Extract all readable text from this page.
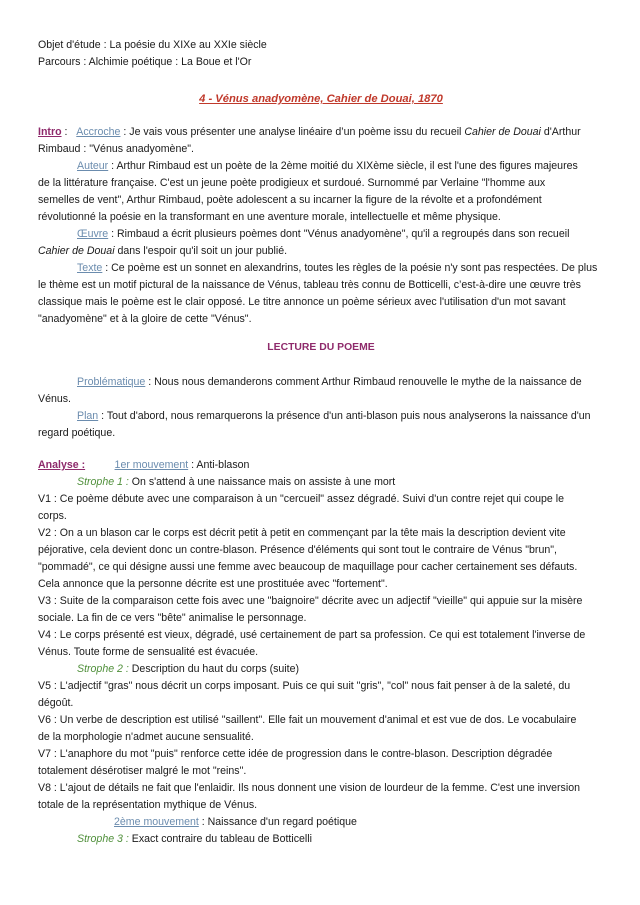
Objet d'étude : La poésie du XIXe au XXIe siècle
Parcours : Alchimie poétique : La Boue et l'Or
4 - Vénus anadyomène, Cahier de Douai, 1870
Intro : Accroche : Je vais vous présenter une analyse linéaire d’un poème issu du recueil Cahier de Douai d'Arthur
Rimbaud : "Vénus anadyomène".
Auteur : Arthur Rimbaud est un poète de la 2ème moitié du XIXème siècle, il est l'une des figures majeures
de la littérature française. C'est un jeune poète prodigieux et surdoué. Surnommé par Verlaine "l'homme aux
semelles de vent", Arthur Rimbaud, poète adolescent a su incarner la figure de la révolte et a profondément
révolutionné la poésie en la transformant en une aventure morale, intellectuelle et même physique.
Œuvre : Rimbaud a écrit plusieurs poèmes dont "Vénus anadyomène", qu'il a regroupés dans son recueil
Cahier de Douai dans l'espoir qu'il soit un jour publié.
Texte : Ce poème est un sonnet en alexandrins, toutes les règles de la poésie n'y sont pas respectées. De plus
le thème est un motif pictural de la naissance de Vénus, tableau très connu de Botticelli, c’est-à-dire une œuvre très
classique mais le poème est le clair opposé. Le titre annonce un poème sérieux avec l'utilisation d'un mot savant
"anadyomène" et à la gloire de cette "Vénus".
LECTURE DU POEME
Problématique : Nous nous demanderons comment Arthur Rimbaud renouvelle le mythe de la naissance de
Vénus.
Plan : Tout d'abord, nous remarquerons la présence d'un anti-blason puis nous analyserons la naissance d'un
regard poétique.
Analyse :	1er mouvement : Anti-blason
Strophe 1 : On s'attend à une naissance mais on assiste à une mort
V1 : Ce poème débute avec une comparaison à un "cercueil" assez dégradé. Suivi d'un contre rejet qui coupe le
corps.
V2 : On a un blason car le corps est décrit petit à petit en commençant par la tête mais la description devient vite
péjorative, cela devient donc un contre-blason. Présence d'éléments qui sont tout le contraire de Vénus "brun",
"pommadé", ce qui désigne aussi une femme avec beaucoup de maquillage pour cacher certainement ses défauts.
Cela annonce que la personne décrite est une prostituée avec "fortement".
V3 : Suite de la comparaison cette fois avec une "baignoire" décrite avec un adjectif "vieille" qui appuie sur la misère
sociale. La fin de ce vers "bête" animalise le personnage.
V4 : Le corps présenté est vieux, dégradé, usé certainement de part sa profession. Ce qui est totalement l'inverse de
Vénus. Toute forme de sensualité est évacuée.
Strophe 2 : Description du haut du corps (suite)
V5 : L'adjectif "gras" nous décrit un corps imposant. Puis ce qui suit "gris", "col" nous fait penser à de la saleté, du
dégoût.
V6 : Un verbe de description est utilisé "saillent". Elle fait un mouvement d'animal et est vue de dos. Le vocabulaire
de la morphologie n'admet aucune sensualité.
V7 : L'anaphore du mot "puis" renforce cette idée de progression dans le contre-blason. Description dégradée
totalement désérotiser malgré le mot "reins".
V8 : L'ajout de détails ne fait que l'enlaidir. Ils nous donnent une vision de lourdeur de la femme. C'est une inversion
totale de la représentation mythique de Vénus.
2ème mouvement : Naissance d'un regard poétique
Strophe 3 : Exact contraire du tableau de Botticelli
